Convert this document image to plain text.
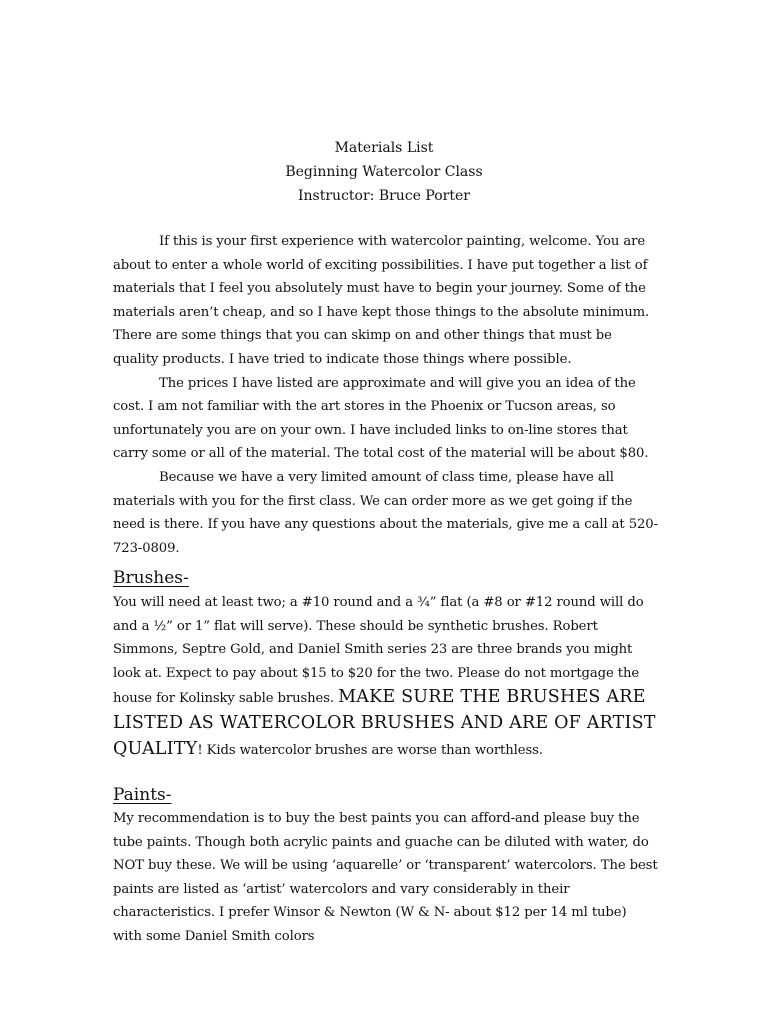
Materials List
Beginning Watercolor Class
Instructor: Bruce Porter

If this is your first experience with watercolor painting, welcome. You are about to enter a whole world of exciting possibilities. I have put together a list of materials that I feel you absolutely must have to begin your journey. Some of the materials aren’t cheap, and so I have kept those things to the absolute minimum. There are some things that you can skimp on and other things that must be quality products. I have tried to indicate those things where possible.

The prices I have listed are approximate and will give you an idea of the cost. I am not familiar with the art stores in the Phoenix or Tucson areas, so unfortunately you are on your own. I have included links to on-line stores that carry some or all of the material. The total cost of the material will be about $80.

Because we have a very limited amount of class time, please have all materials with you for the first class. We can order more as we get going if the need is there. If you have any questions about the materials, give me a call at 520-723-0809.

Brushes-
You will need at least two; a #10 round and a ¾” flat (a #8 or #12 round will do and a ½” or 1” flat will serve). These should be synthetic brushes. Robert Simmons, Septre Gold, and Daniel Smith series 23 are three brands you might look at. Expect to pay about $15 to $20 for the two. Please do not mortgage the house for Kolinsky sable brushes. MAKE SURE THE BRUSHES ARE LISTED AS WATERCOLOR BRUSHES AND ARE OF ARTIST QUALITY! Kids watercolor brushes are worse than worthless.
Paints-

My recommendation is to buy the best paints you can afford-and please buy the tube paints. Though both acrylic paints and guache can be diluted with water, do NOT buy these. We will be using ‘aquarelle’ or ‘transparent’ watercolors. The best paints are listed as ‘artist’ watercolors and vary considerably in their characteristics. I prefer Winsor & Newton (W & N- about $12 per 14 ml tube) with some Daniel Smith colors
